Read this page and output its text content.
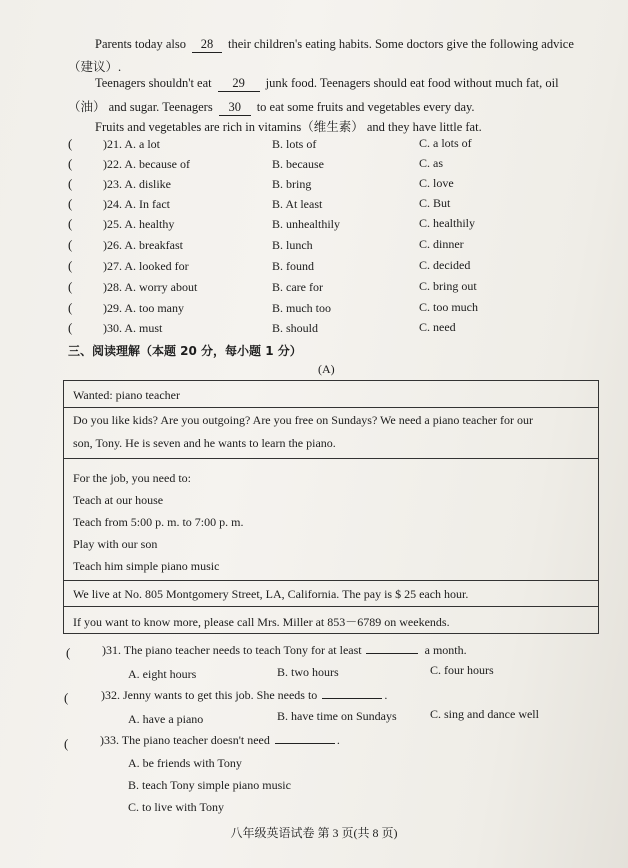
Parents today also 28 their children's eating habits. Some doctors give the following advice
（建议）.
Teenagers shouldn't eat 29 junk food. Teenagers should eat food without much fat, oil
（油） and sugar. Teenagers 30 to eat some fruits and vegetables every day.
Fruits and vegetables are rich in vitamins（维生素） and they have little fat.
(	)21. A. a lot	B. lots of	C. a lots of
(	)22. A. because of	B. because	C. as
(	)23. A. dislike	B. bring	C. love
(	)24. A. In fact	B. At least	C. But
(	)25. A. healthy	B. unhealthily	C. healthily
(	)26. A. breakfast	B. lunch	C. dinner
(	)27. A. looked for	B. found	C. decided
(	)28. A. worry about	B. care for	C. bring out
(	)29. A. too many	B. much too	C. too much
(	)30. A. must	B. should	C. need
三、阅读理解（本题 20 分，每小题 1 分）
(A)
Wanted: piano teacher
Do you like kids? Are you outgoing? Are you free on Sundays? We need a piano teacher for our
son, Tony. He is seven and he wants to learn the piano.
For the job, you need to:
Teach at our house
Teach from 5:00 p. m. to 7:00 p. m.
Play with our son
Teach him simple piano music
We live at No. 805 Montgomery Street, LA, California. The pay is $ 25 each hour.
If you want to know more, please call Mrs. Miller at 853－6789 on weekends.
(	)31. The piano teacher needs to teach Tony for at least	a month.
A. eight hours	B. two hours	C. four hours
(	)32. Jenny wants to get this job. She needs to	.
A. have a piano	B. have time on Sundays	C. sing and dance well
(	)33. The piano teacher doesn't need	.
A. be friends with Tony
B. teach Tony simple piano music
C. to live with Tony
八年级英语试卷 第 3 页(共 8 页)
